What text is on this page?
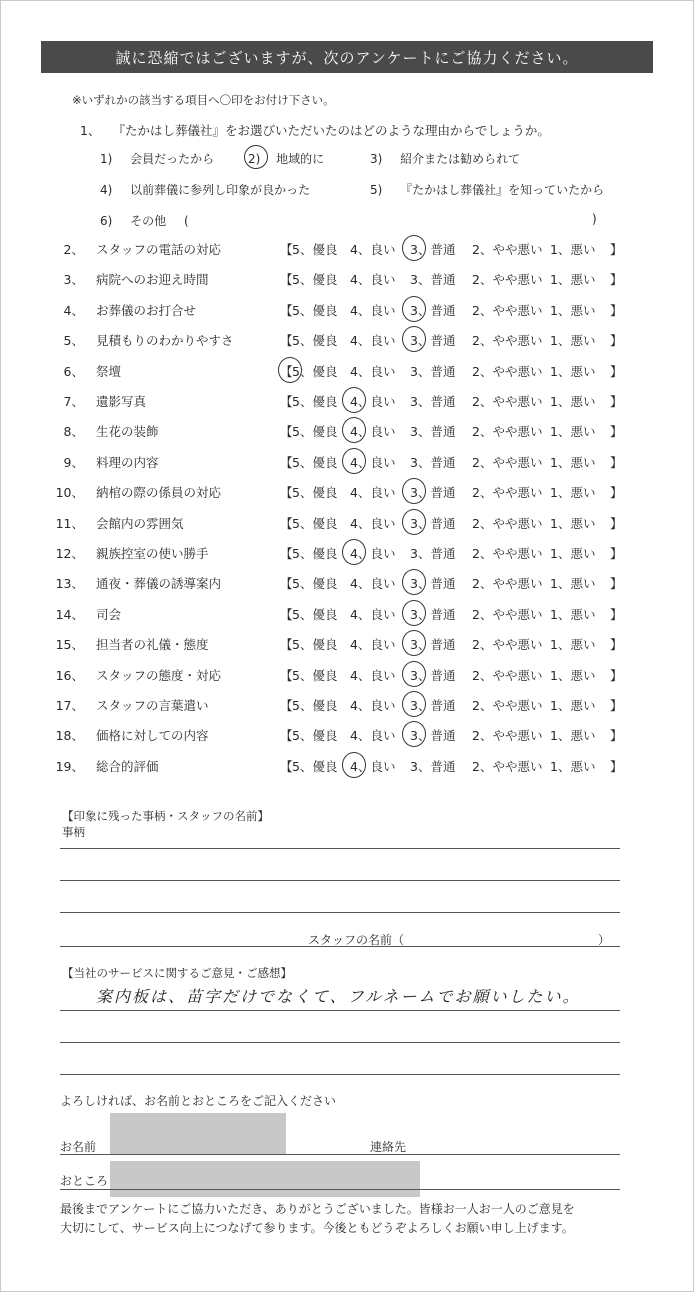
誠に恐縮ではございますが、次のアンケートにご協力ください。
※いずれかの該当する項目へ〇印をお付け下さい。
1、 『たかはし葬儀社』をお選びいただいたのはどのような理由からでしょうか。
1) 会員だったから	2) 地域的に	3) 紹介または勧められて
4) 以前葬儀に参列し印象が良かった	5) 『たかはし葬儀社』を知っていたから
6) その他 (	)
2、 スタッフの電話の対応	【 5、優良 4、良い 3、普通 2、やや悪い 1、悪い 】
3、 病院へのお迎え時間	【 5、優良 4、良い 3、普通 2、やや悪い 1、悪い 】
4、 お葬儀のお打合せ	【 5、優良 4、良い 3、普通 2、やや悪い 1、悪い 】
5、 見積もりのわかりやすさ	【 5、優良 4、良い 3、普通 2、やや悪い 1、悪い 】
6、 祭壇	【 5、優良 4、良い 3、普通 2、やや悪い 1、悪い 】
7、 遺影写真	【 5、優良 4、良い 3、普通 2、やや悪い 1、悪い 】
8、 生花の装飾	【 5、優良 4、良い 3、普通 2、やや悪い 1、悪い 】
9、 料理の内容	【 5、優良 4、良い 3、普通 2、やや悪い 1、悪い 】
10、 納棺の際の係員の対応	【 5、優良 4、良い 3、普通 2、やや悪い 1、悪い 】
11、 会館内の雰囲気	【 5、優良 4、良い 3、普通 2、やや悪い 1、悪い 】
12、 親族控室の使い勝手	【 5、優良 4、良い 3、普通 2、やや悪い 1、悪い 】
13、 通夜・葬儀の誘導案内	【 5、優良 4、良い 3、普通 2、やや悪い 1、悪い 】
14、 司会	【 5、優良 4、良い 3、普通 2、やや悪い 1、悪い 】
15、 担当者の礼儀・態度	【 5、優良 4、良い 3、普通 2、やや悪い 1、悪い 】
16、 スタッフの態度・対応	【 5、優良 4、良い 3、普通 2、やや悪い 1、悪い 】
17、 スタッフの言葉遣い	【 5、優良 4、良い 3、普通 2、やや悪い 1、悪い 】
18、 価格に対しての内容	【 5、優良 4、良い 3、普通 2、やや悪い 1、悪い 】
19、 総合的評価	【 5、優良 4、良い 3、普通 2、やや悪い 1、悪い 】
【印象に残った事柄・スタッフの名前】
事柄
スタッフの名前（	）
【当社のサービスに関するご意見・ご感想】
案内板は、苗字だけでなくて、フルネームでお願いしたい。
よろしければ、お名前とおところをご記入ください
お名前	連絡先
おところ
最後までアンケートにご協力いただき、ありがとうございました。皆様お一人お一人のご意見を
大切にして、サービス向上につなげて参ります。今後ともどうぞよろしくお願い申し上げます。
